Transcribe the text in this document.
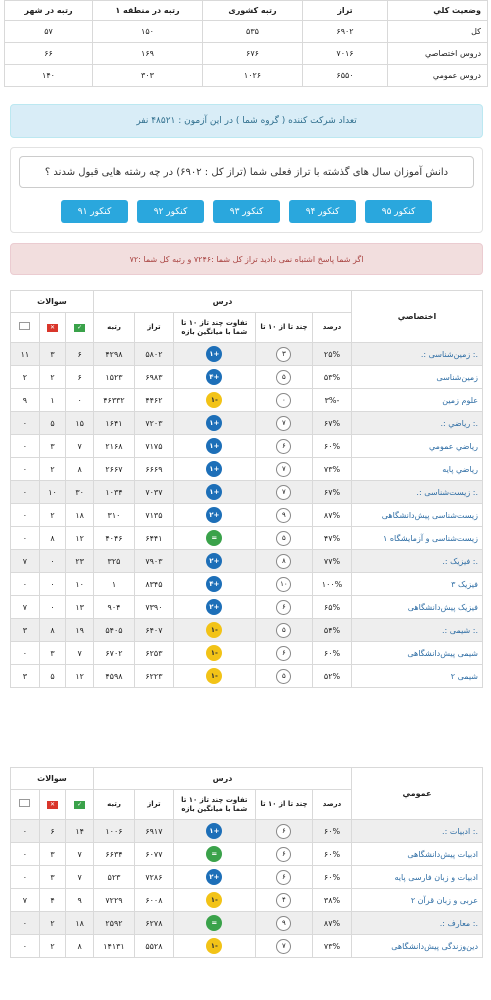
وضعيت کلي	تراز	رتبه کشوری	رتبه در منطقه ۱	رتبه در شهر
کل	۶۹۰۲	۵۳۵	۱۵۰	۵۷
دروس اختصاصي	۷۰۱۶	۶۷۶	۱۶۹	۶۶
دروس عمومي	۶۵۵۰	۱۰۲۶	۳۰۳	۱۴۰
تعداد شرکت کننده ( گروه شما ) در این آزمون : ۴۸۵۲۱ نفر
دانش آموزان سال های گذشته با تراز فعلی شما (تراز کل : ۶۹۰۲) در چه رشته هایی قبول شدند ؟
کنکور ۹۵
کنکور ۹۴
کنکور ۹۳
کنکور ۹۲
کنکور ۹۱
اگر شما پاسخ اشتباه نمی دادید تراز کل شما :۷۲۴۶ و رتبه کل شما :۷۲
اختصاصي	درس					سوالات		
	درصد	چند تا از ۱۰ تا	تفاوت چند تاز ۱۰ تا شما با میانگین بازه	تراز	رتبه	✓	✕	
.: زمین‌شناسی :.	۲۵%	۳	+۱	۵۸۰۲	۴۲۹۸	۶	۳	۱۱
زمین‌شناسی	۵۳%	۵	+۴	۶۹۸۳	۱۵۲۳	۶	۲	۲
علوم زمین	-۳%	۰	-۱	۴۴۶۲	۴۶۳۳۲	۰	۱	۹
.: رياضي :.	۶۷%	۷	+۱	۷۲۰۳	۱۶۴۱	۱۵	۵	۰
رياضي عمومي	۶۰%	۶	+۱	۷۱۷۵	۲۱۶۸	۷	۳	۰
رياضي پايه	۷۳%	۷	+۱	۶۶۶۹	۲۶۶۷	۸	۲	۰
.: زیست‌شناسی :.	۶۷%	۷	+۱	۷۰۳۷	۱۰۳۴	۳۰	۱۰	۰
زیست‌شناسی پیش‌دانشگاهی	۸۷%	۹	+۲	۷۱۳۵	۳۱۰	۱۸	۲	۰
زیست‌شناسی و آزمایشگاه ۱	۴۷%	۵	=	۶۴۴۱	۴۰۴۶	۱۲	۸	۰
.: فیزیک :.	۷۷%	۸	+۲	۷۹۰۳	۳۲۵	۲۳	۰	۷
فیزیک ۳	۱۰۰%	۱۰	+۴	۸۳۴۵	۱	۱۰	۰	۰
فیزیک پیش‌دانشگاهی	۶۵%	۶	+۲	۷۳۹۰	۹۰۴	۱۳	۰	۷
.: شیمی :.	۵۴%	۵	-۱	۶۴۰۷	۵۴۰۵	۱۹	۸	۳
شیمی پیش‌دانشگاهی	۶۰%	۶	-۱	۶۲۵۳	۶۷۰۲	۷	۳	۰
شیمی ۲	۵۲%	۵	-۱	۶۲۲۳	۴۵۹۸	۱۲	۵	۳
عمومي	درس					سوالات		
	درصد	چند تا از ۱۰ تا	تفاوت چند تاز ۱۰ تا شما با میانگین بازه	تراز	رتبه	✓	✕	
.: ادبیات :.	۶۰%	۶	+۱	۶۹۱۷	۱۰۰۶	۱۴	۶	۰
ادبیات پیش‌دانشگاهی	۶۰%	۶	=	۶۰۷۷	۶۶۳۴	۷	۳	۰
ادبیات و زبان فارسی پايه	۶۰%	۶	+۲	۷۲۸۶	۵۲۳	۷	۳	۰
عربی و زبان قرآن ۲	۳۸%	۴	-۱	۶۰۰۸	۷۲۲۹	۹	۴	۷
.: معارف :.	۸۷%	۹	=	۶۲۷۸	۲۵۹۲	۱۸	۲	۰
دین‌وزندگی پیش‌دانشگاهی	۷۳%	۷	-۱	۵۵۲۸	۱۴۱۳۱	۸	۲	۰
